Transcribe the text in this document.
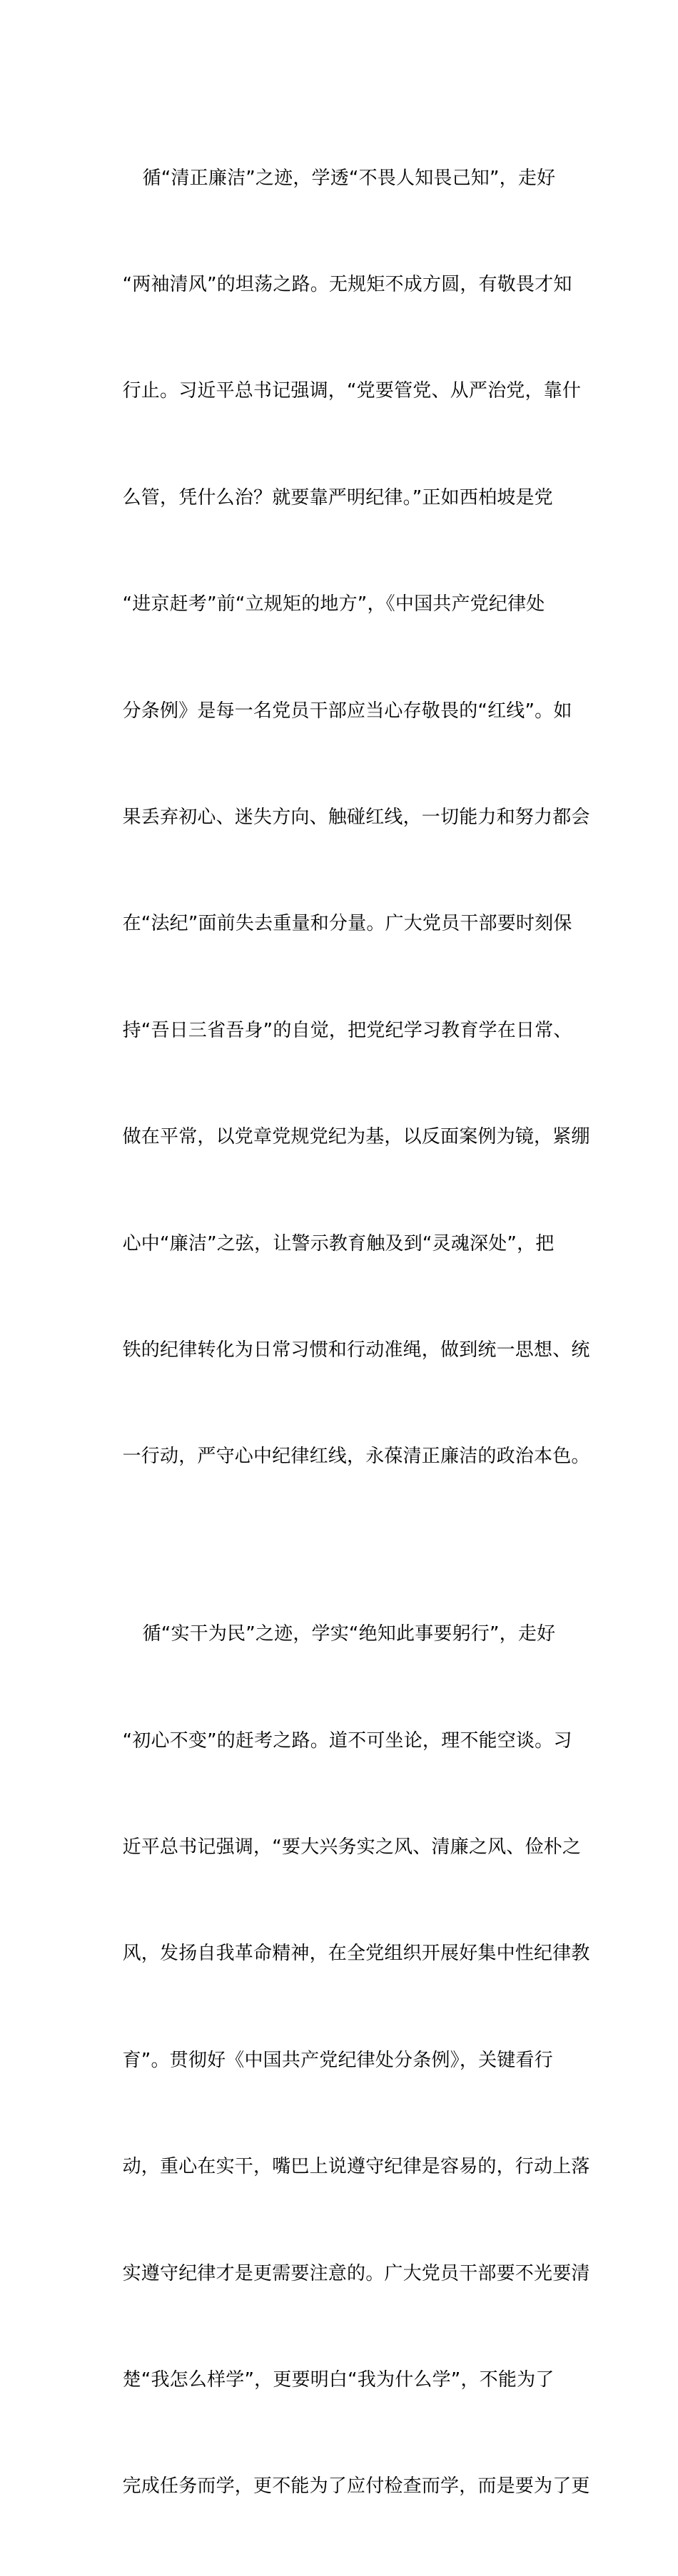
循“清正廉洁”之迹，学透“不畏人知畏己知”，走好

“两袖清风”的坦荡之路。无规矩不成方圆，有敬畏才知

行止。习近平总书记强调，“党要管党、从严治党，靠什

么管，凭什么治？就要靠严明纪律。”正如西柏坡是党

“进京赶考”前“立规矩的地方”，《中国共产党纪律处

分条例》是每一名党员干部应当心存敬畏的“红线”。如

果丢弃初心、迷失方向、触碰红线，一切能力和努力都会

在“法纪”面前失去重量和分量。广大党员干部要时刻保

持“吾日三省吾身”的自觉，把党纪学习教育学在日常、

做在平常，以党章党规党纪为基，以反面案例为镜，紧绷

心中“廉洁”之弦，让警示教育触及到“灵魂深处”，把

铁的纪律转化为日常习惯和行动准绳，做到统一思想、统

一行动，严守心中纪律红线，永葆清正廉洁的政治本色。

循“实干为民”之迹，学实“绝知此事要躬行”，走好

“初心不变”的赶考之路。道不可坐论，理不能空谈。习

近平总书记强调，“要大兴务实之风、清廉之风、俭朴之

风，发扬自我革命精神，在全党组织开展好集中性纪律教

育”。贯彻好《中国共产党纪律处分条例》，关键看行

动，重心在实干，嘴巴上说遵守纪律是容易的，行动上落

实遵守纪律才是更需要注意的。广大党员干部要不光要清

楚“我怎么样学”，更要明白“我为什么学”，不能为了

完成任务而学，更不能为了应付检查而学，而是要为了更
